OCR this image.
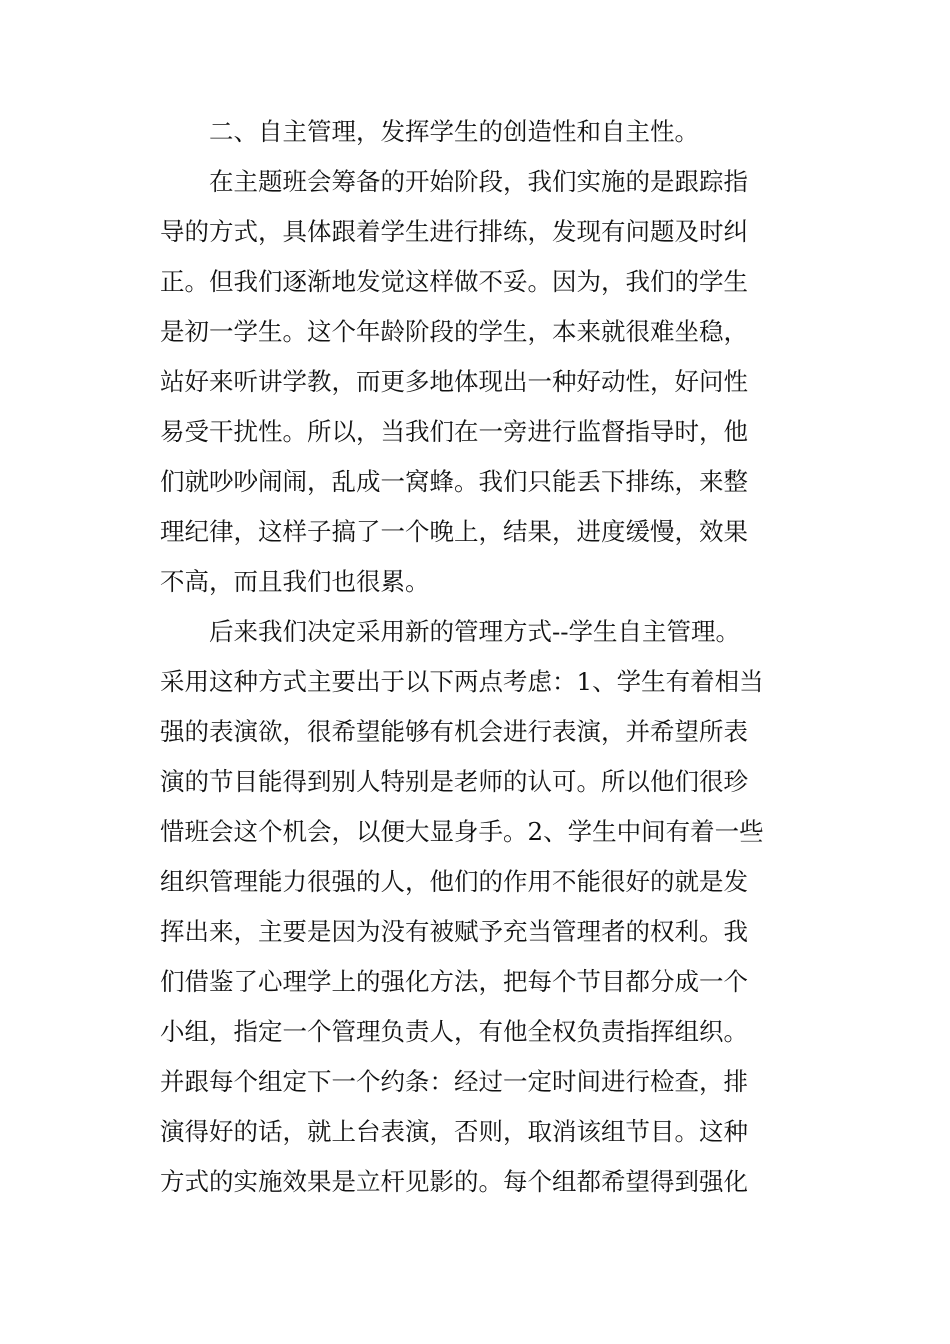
二、自主管理，发挥学生的创造性和自主性。
在主题班会筹备的开始阶段，我们实施的是跟踪指
导的方式，具体跟着学生进行排练，发现有问题及时纠
正。但我们逐渐地发觉这样做不妥。因为，我们的学生
是初一学生。这个年龄阶段的学生，本来就很难坐稳，
站好来听讲学教，而更多地体现出一种好动性，好问性
易受干扰性。所以，当我们在一旁进行监督指导时，他
们就吵吵闹闹，乱成一窝蜂。我们只能丢下排练，来整
理纪律，这样子搞了一个晚上，结果，进度缓慢，效果
不高，而且我们也很累。
后来我们决定采用新的管理方式--学生自主管理。
采用这种方式主要出于以下两点考虑：1、学生有着相当
强的表演欲，很希望能够有机会进行表演，并希望所表
演的节目能得到别人特别是老师的认可。所以他们很珍
惜班会这个机会，以便大显身手。2、学生中间有着一些
组织管理能力很强的人，他们的作用不能很好的就是发
挥出来，主要是因为没有被赋予充当管理者的权利。我
们借鉴了心理学上的强化方法，把每个节目都分成一个
小组，指定一个管理负责人，有他全权负责指挥组织。
并跟每个组定下一个约条：经过一定时间进行检查，排
演得好的话，就上台表演，否则，取消该组节目。这种
方式的实施效果是立杆见影的。每个组都希望得到强化
